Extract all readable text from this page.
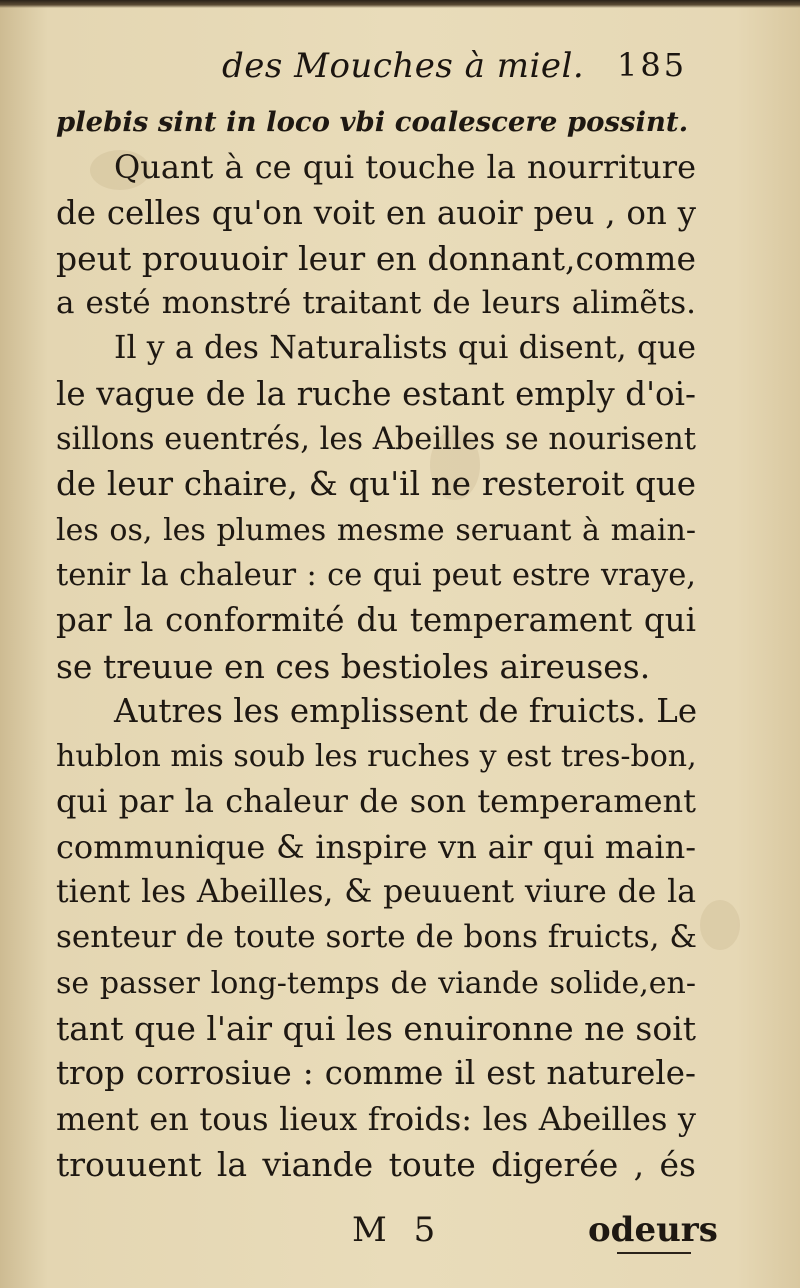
des Mouches à miel. 185
plebis sint in loco vbi coalescere possint.
Quant à ce qui touche la nourriture
de celles qu'on voit en auoir peu , on y
peut prouuoir leur en donnant,comme
a esté monstré traitant de leurs alimẽts.
Il y a des Naturalists qui disent, que
le vague de la ruche estant emply d'oi-
sillons euentrés, les Abeilles se nourisent
de leur chaire, & qu'il ne resteroit que
les os, les plumes mesme seruant à main-
tenir la chaleur : ce qui peut estre vraye,
par la conformité du temperament qui
se treuue en ces bestioles aireuses.
Autres les emplissent de fruicts. Le
hublon mis soub les ruches y est tres-bon,
qui par la chaleur de son temperament
communique & inspire vn air qui main-
tient les Abeilles, & peuuent viure de la
senteur de toute sorte de bons fruicts, &
se passer long-temps de viande solide,en-
tant que l'air qui les enuironne ne soit
trop corrosiue : comme il est naturele-
ment en tous lieux froids: les Abeilles y
trouuent la viande toute digerée , és
M 5	odeurs
